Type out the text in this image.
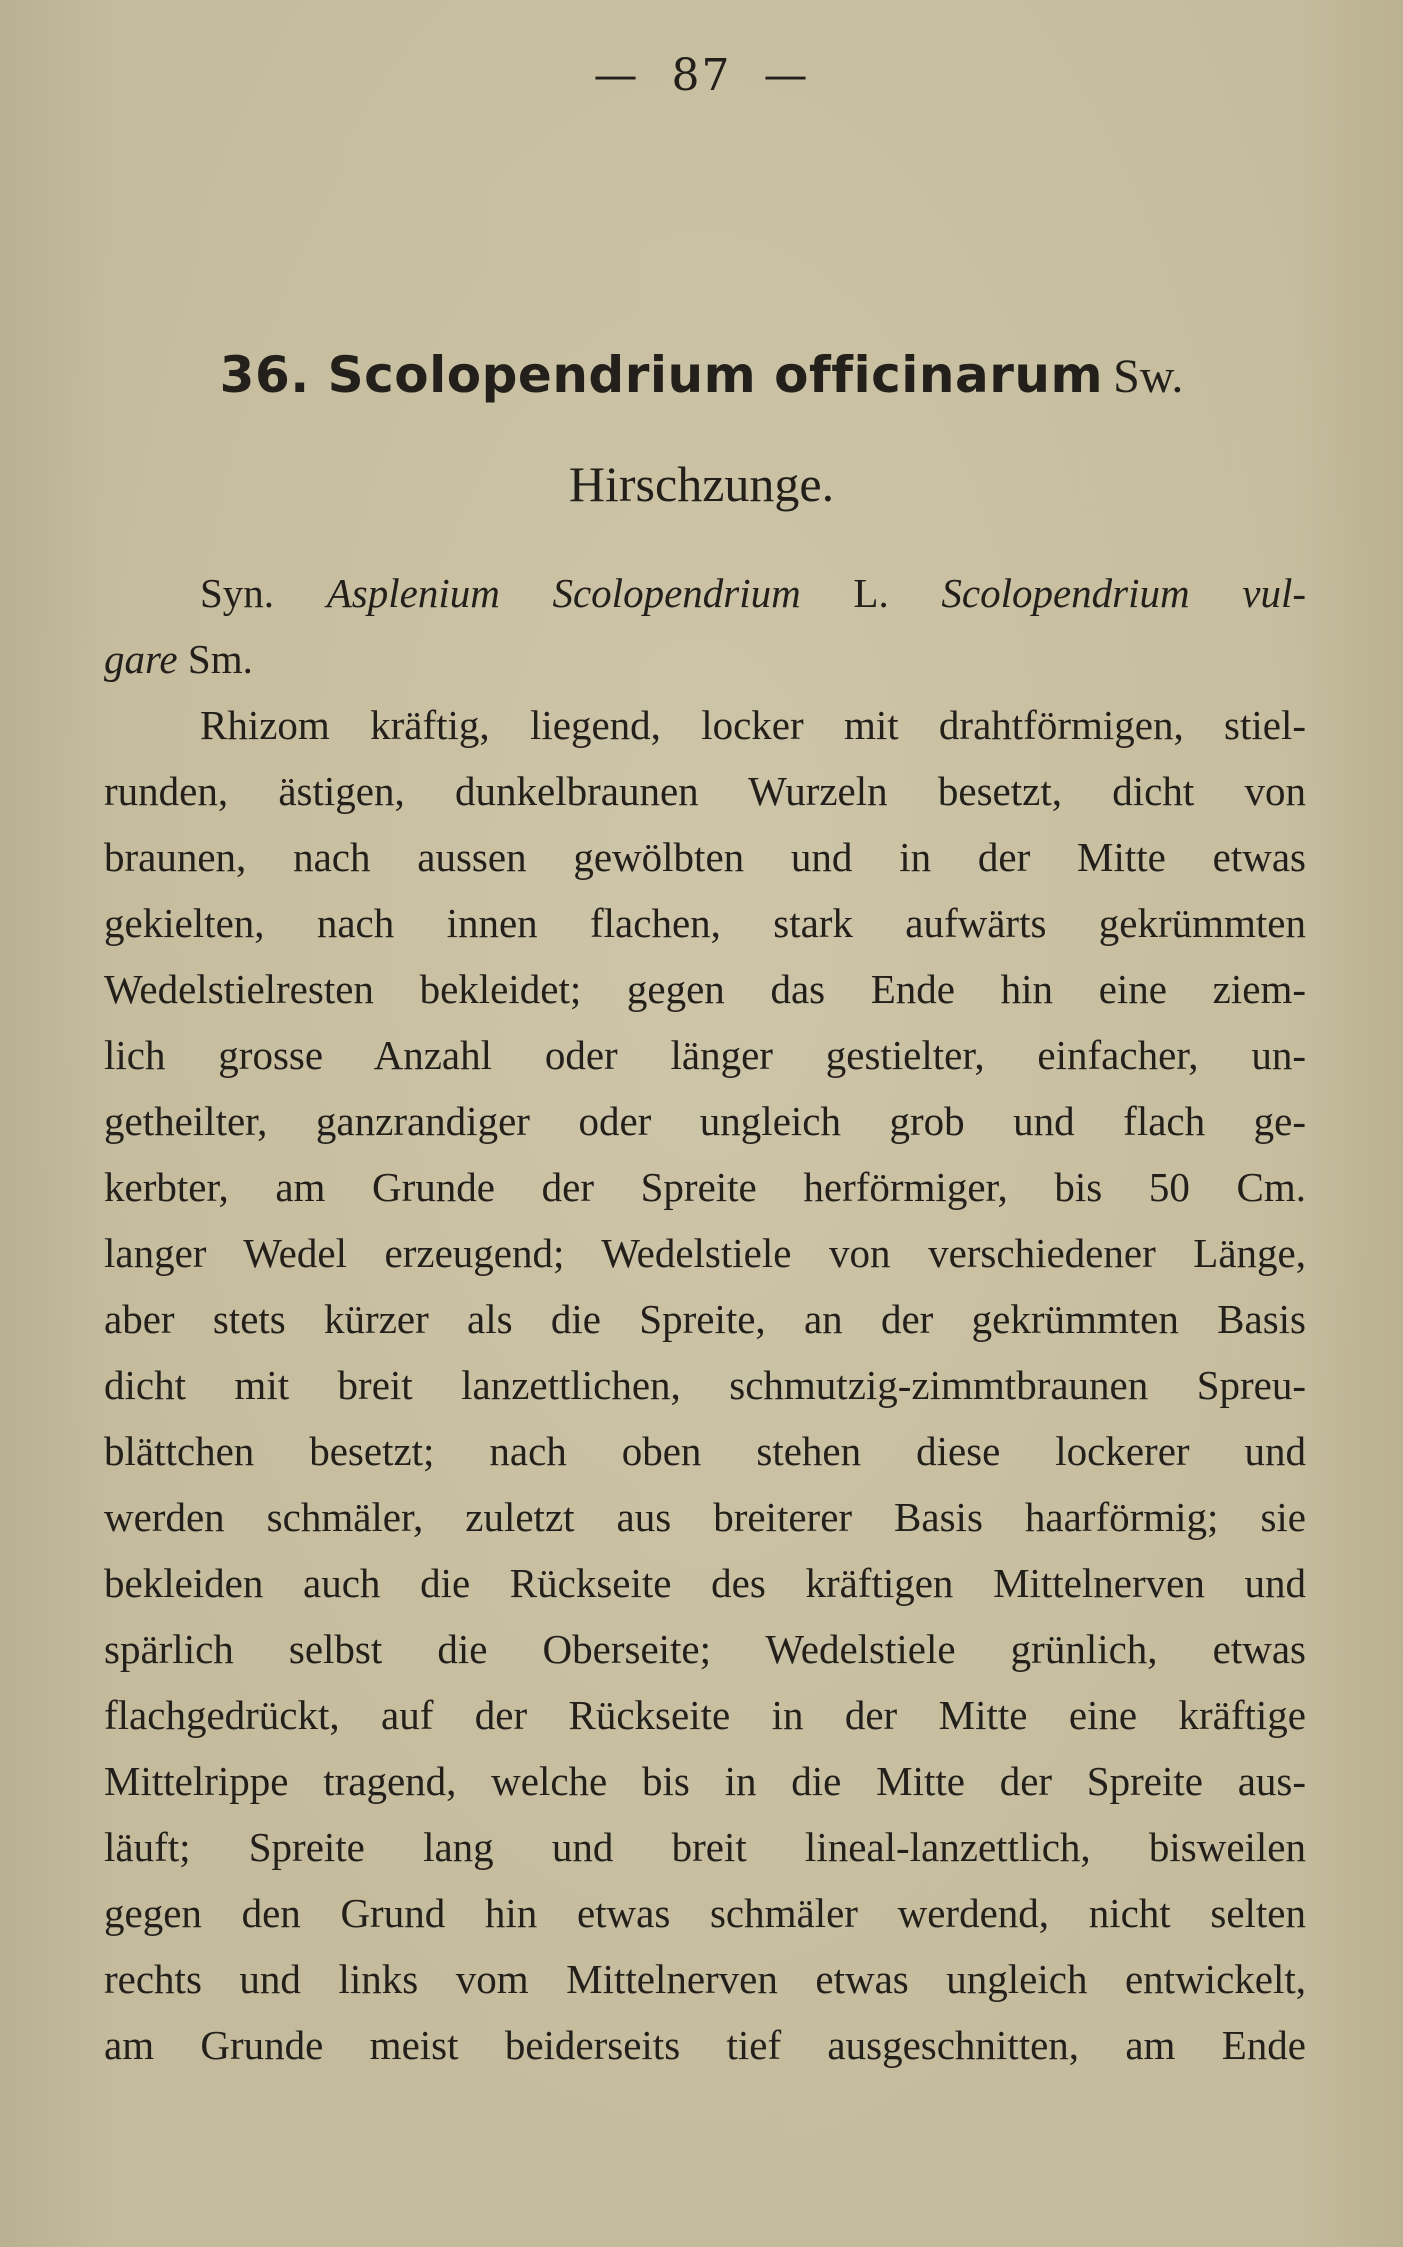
—  87  —
36. Scolopendrium officinarum Sw.
Hirschzunge.
Syn. Asplenium Scolopendrium L. Scolopendrium vul-
gare Sm.
Rhizom kräftig, liegend, locker mit drahtförmigen, stiel-
runden, ästigen, dunkelbraunen Wurzeln besetzt, dicht von
braunen, nach aussen gewölbten und in der Mitte etwas
gekielten, nach innen flachen, stark aufwärts gekrümmten
Wedelstielresten bekleidet; gegen das Ende hin eine ziem-
lich grosse Anzahl oder länger gestielter, einfacher, un-
getheilter, ganzrandiger oder ungleich grob und flach ge-
kerbter, am Grunde der Spreite herförmiger, bis 50 Cm.
langer Wedel erzeugend; Wedelstiele von verschiedener Länge,
aber stets kürzer als die Spreite, an der gekrümmten Basis
dicht mit breit lanzettlichen, schmutzig-zimmtbraunen Spreu-
blättchen besetzt; nach oben stehen diese lockerer und
werden schmäler, zuletzt aus breiterer Basis haarförmig; sie
bekleiden auch die Rückseite des kräftigen Mittelnerven und
spärlich selbst die Oberseite; Wedelstiele grünlich, etwas
flachgedrückt, auf der Rückseite in der Mitte eine kräftige
Mittelrippe tragend, welche bis in die Mitte der Spreite aus-
läuft; Spreite lang und breit lineal-lanzettlich, bisweilen
gegen den Grund hin etwas schmäler werdend, nicht selten
rechts und links vom Mittelnerven etwas ungleich entwickelt,
am Grunde meist beiderseits tief ausgeschnitten, am Ende
